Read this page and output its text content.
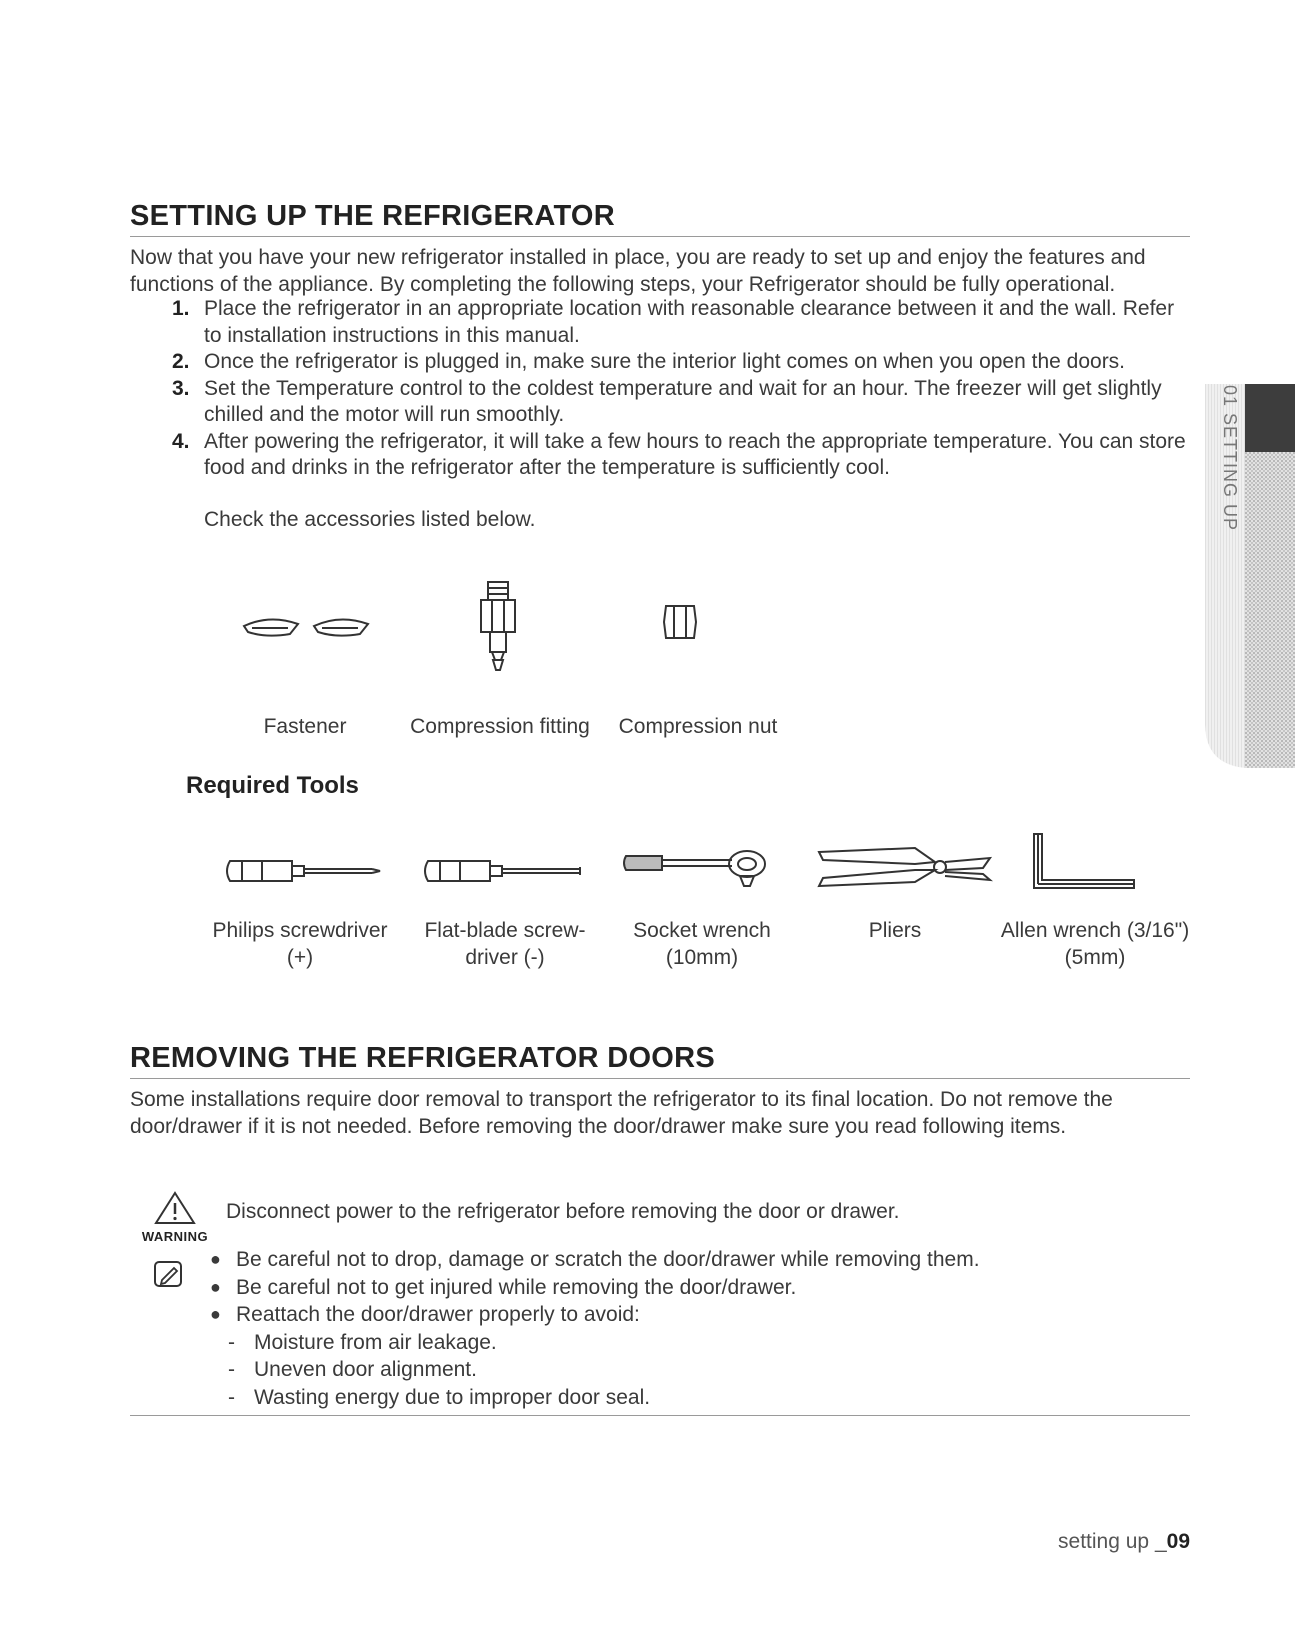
SETTING UP THE REFRIGERATOR
Now that you have your new refrigerator installed in place, you are ready to set up and enjoy the features and functions of the appliance. By completing the following steps, your Refrigerator should be fully operational.
1. Place the refrigerator in an appropriate location with reasonable clearance between it and the wall. Refer to installation instructions in this manual.
2. Once the refrigerator is plugged in, make sure the interior light comes on when you open the doors.
3. Set the Temperature control to the coldest temperature and wait for an hour. The freezer will get slightly chilled and the motor will run smoothly.
4. After powering the refrigerator, it will take a few hours to reach the appropriate temperature. You can store food and drinks in the refrigerator after the temperature is sufficiently cool.
Check the accessories listed below.
Fastener	Compression fitting	Compression nut
Required Tools
Philips screwdriver
(+)
Flat-blade screw-
driver (-)
Socket wrench
(10mm)
Pliers	Allen wrench (3/16")
(5mm)
REMOVING THE REFRIGERATOR DOORS
Some installations require door removal to transport the refrigerator to its final location. Do not remove the door/drawer if it is not needed. Before removing the door/drawer make sure you read following items.
WARNING
Disconnect power to the refrigerator before removing the door or drawer.
● Be careful not to drop, damage or scratch the door/drawer while removing them.
● Be careful not to get injured while removing the door/drawer.
● Reattach the door/drawer properly to avoid:
- Moisture from air leakage.
- Uneven door alignment.
- Wasting energy due to improper door seal.
setting up _09
01 SETTING UP
